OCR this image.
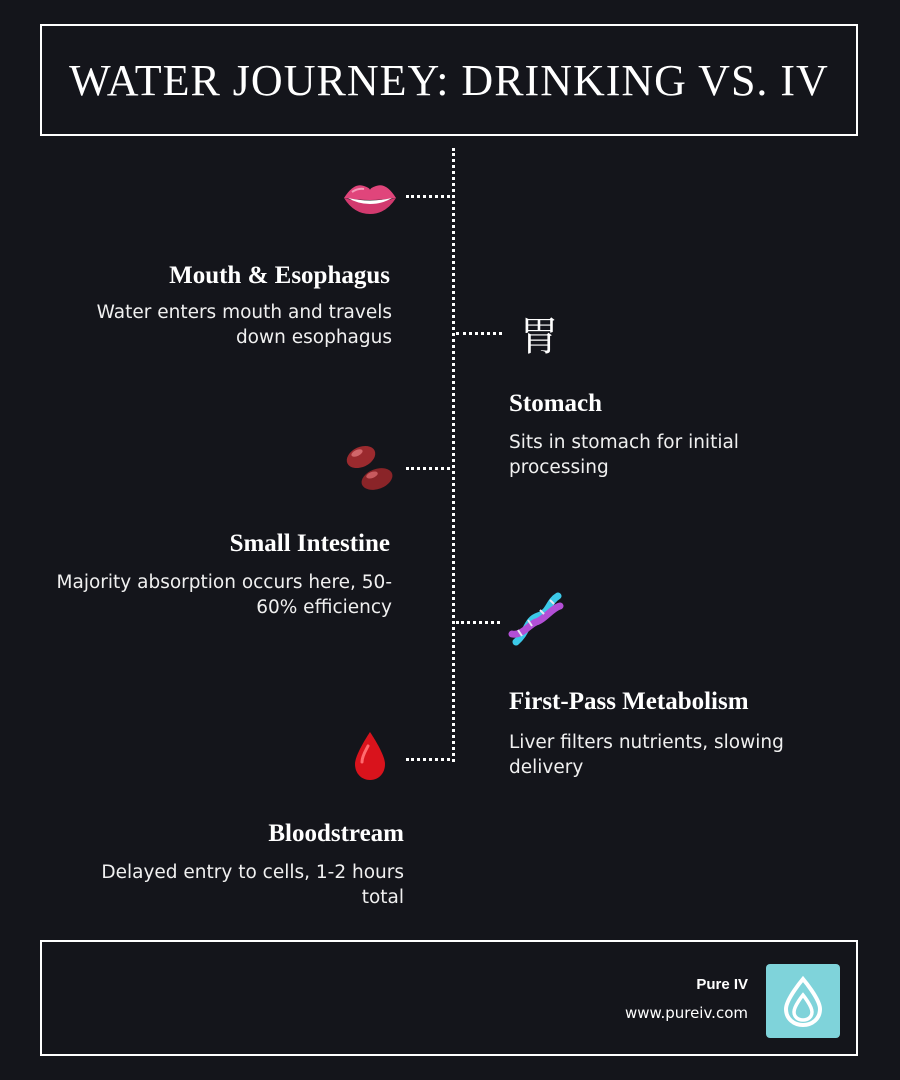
WATER JOURNEY: DRINKING VS. IV
Mouth & Esophagus

Water enters mouth and travels down esophagus	胃
Stomach

Sits in stomach for initial processing

Small Intestine

Majority absorption occurs here, 50-60% efficiency

First-Pass Metabolism

Liver filters nutrients, slowing delivery

Bloodstream

Delayed entry to cells, 1-2 hours total

Pure IV
www.pureiv.com
